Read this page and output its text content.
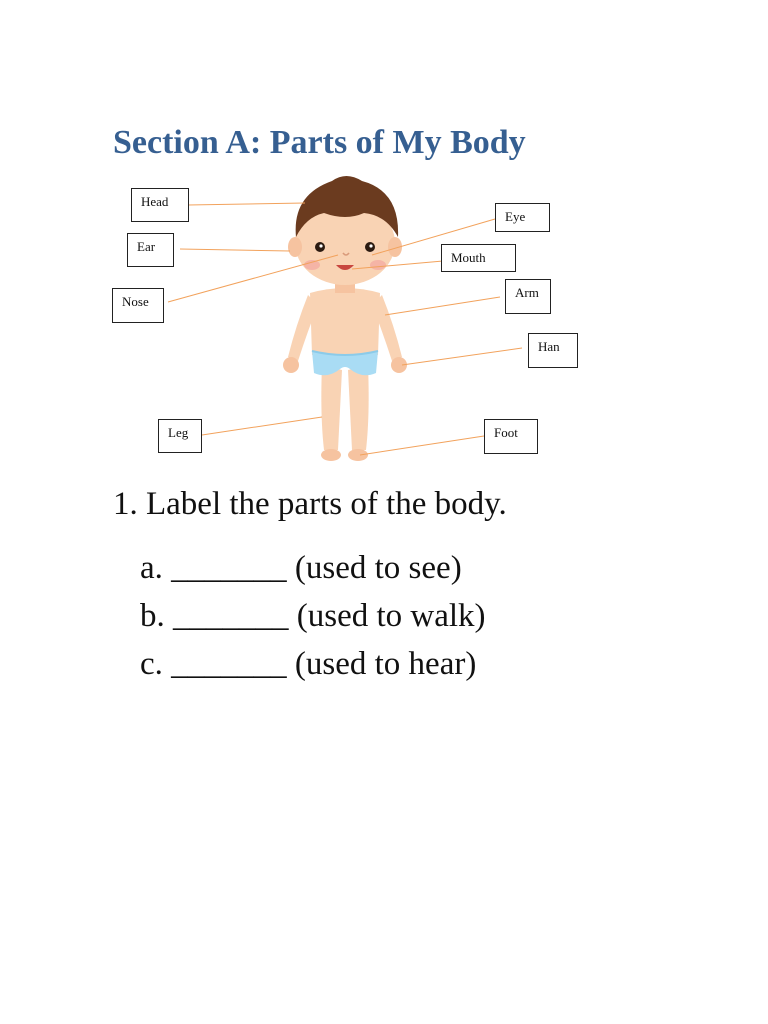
Section A: Parts of My Body
Head
Ear
Nose
Eye
Mouth
Arm
Han
Leg	Foot

1. Label the parts of the body.

a. _______ (used to see)
b. _______ (used to walk)
c. _______ (used to hear)
